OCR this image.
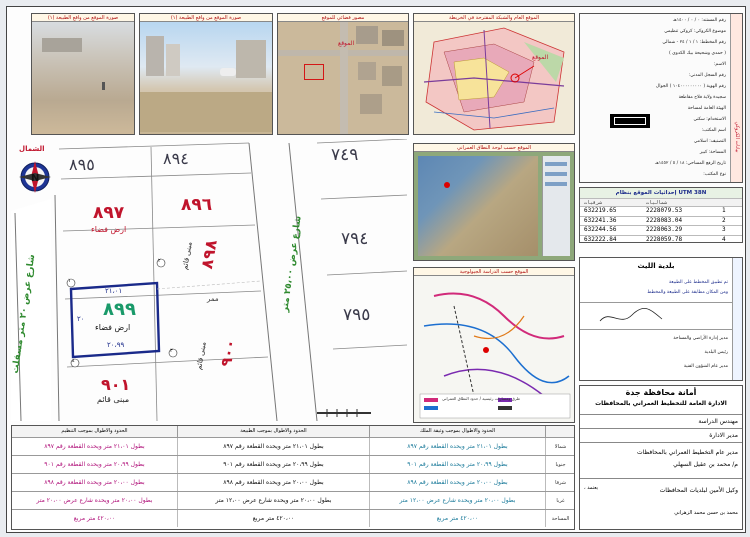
صورة الموقع من واقع الطبيعة (١)	صورة الموقع من واقع الطبيعة (١)	مصور فضائي للموقع
الموقع
الموقع العام والشبكة المقترحة في الخريطة
الموقع
بيانات الكروكي
رقم المستند: ٠ / ٠ / ١٤٠٠هـ
موضوع الكروكي: كروكي تنظيمي
رقم المخطط: ١ / ١ / ٢٤ - شمالي
( حمدي وشحيحة بيك الكدوي )
الاسم:
رقم السجل المدني:
رقم الهوية ( ١٠٤٠٠٠٠٠٠٠٠٠ ) الجوال
سجيدة ولاية فلاح مقاطعة
الهيئة العامة لمساحة
الاستخدام: سكني
اسم المكتب:
التصنيف: اسلامي
المساحة: كبير
تاريخ الرفع المساحي: ١٨ / ٥ / ١٤٥٢هـ
نوع المكتب:
الشمال
N
٨٩٥	٨٩٤	٧٤٩
٨٩٧
ارض فضاء
٨٩٦
٢١،٠١
٨٩٩
ارض فضاء
٢٠،٩٩
٢٠
٨٩٨
مبنى قائم
ممر
٧٩٤
٧٩٥
٩٠٠
مبنى قائم
٩٠١
مبنى قائم
١
٢
٣
٤
شارع عرض ٢٠ متر مسفلت	شارع عرض ٢٥،٠٠ متر
الموقع حسب لوحة النطاق العمراني
الموقع حسب الدراسة الجيولوجية
طرق ومسارات رئيسية / حدود النطاق العمراني
إحداثيات الموقع بنظام UTM 38N
شرقيات	شماليات
632219.65	2228079.53	1
632241.36	2228083.04	2
632244.56	2228063.29	3
632222.84	2228059.78	4
بلدية الليث
تم تطبيق المخطط على الطبيعة
ومن المكان مطابقة على الطبيعة والمخطط
مدير إدارة الأراضي والمساحة
رئيس البلدية
مدير عام الشؤون الفنية
أمانة محافظة جدة
الادارة العامة للتخطيط العمراني بالمحافظات
مهندس الدراسة
مدير الادارة
مدير عام التخطيط العمراني بالمحافظات
م/ محمد بن عقيل السهلي
وكيل الأمين لبلديات المحافظات
يعتمد ،
محمد بن حسن محمد الزهراني
الحدود والاطوال بموجب التنظيم	الحدود والاطوال بموجب الطبيعة	الحدود والاطوال بموجب وثيقة الملك
بطول ٢١،٠١ متر ويحده القطعة رقم ٨٩٧	بطول ٢١،٠١ متر ويحده القطعة رقم ٨٩٧	بطول ٢١،٠١ متر ويحده القطعة رقم ٨٩٧	شمالا
بطول ٢٠،٩٩ متر ويحده القطعة رقم ٩٠١	بطول ٢٠،٩٩ متر ويحده القطعة رقم ٩٠١	بطول ٢٠،٩٩ متر ويحده القطعة رقم ٩٠١	جنوبا
بطول ٢٠،٠٠ متر ويحده القطعة رقم ٨٩٨	بطول ٢٠،٠٠ متر ويحده القطعة رقم ٨٩٨	بطول ٢٠،٠٠ متر ويحده القطعة رقم ٨٩٨	شرقا
بطول ٢٠،٠٠ متر ويحده شارع عرض ٢٠،٠٠ متر	بطول ٢٠،٠٠ متر ويحده شارع عرض ١٢،٠٠ متر	بطول ٢٠،٠٠ متر ويحده شارع عرض ١٢،٠٠ متر	غربا
٤٢٠،٠٠ متر مربع	٤٢٠،٠٠ متر مربع	٤٢٠،٠٠ متر مربع	المساحة
